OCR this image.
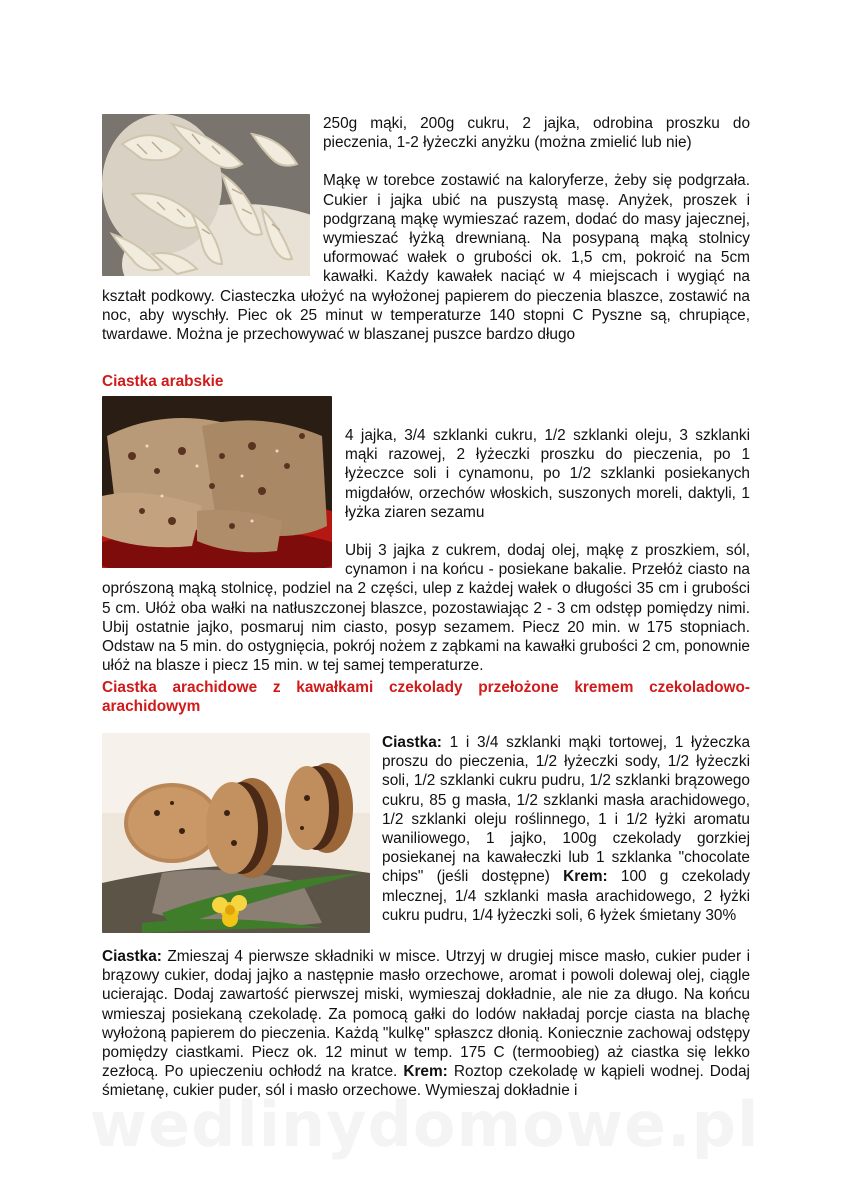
250g mąki, 200g cukru, 2 jajka, odrobina proszku do pieczenia, 1-2 łyżeczki anyżku (można zmielić lub nie)

Mąkę w torebce zostawić na kaloryferze, żeby się podgrzała. Cukier i jajka ubić na puszystą masę. Anyżek, proszek i podgrzaną mąkę wymieszać razem, dodać do masy jajecznej, wymieszać łyżką drewnianą. Na posypaną mąką stolnicy uformować wałek o grubości ok. 1,5 cm, pokroić na 5cm kawałki. Każdy kawałek naciąć w 4 miejscach i wygiąć na kształt podkowy. Ciasteczka ułożyć na wyłożonej papierem do pieczenia blaszce, zostawić na noc, aby wyschły. Piec ok 25 minut w temperaturze 140 stopni C Pyszne są, chrupiące, twardawe. Można je przechowywać w blaszanej puszce bardzo długo

Ciastka arabskie

4 jajka, 3/4 szklanki cukru, 1/2 szklanki oleju, 3 szklanki mąki razowej, 2 łyżeczki proszku do pieczenia, po 1 łyżeczce soli i cynamonu, po 1/2 szklanki posiekanych migdałów, orzechów włoskich, suszonych moreli, daktyli, 1 łyżka ziaren sezamu

Ubij 3 jajka z cukrem, dodaj olej, mąkę z proszkiem, sól, cynamon i na końcu - posiekane bakalie. Przełóż ciasto na oprószoną mąką stolnicę, podziel na 2 części, ulep z każdej wałek o długości 35 cm i grubości 5 cm. Ułóż oba wałki na natłuszczonej blaszce, pozostawiając 2 - 3 cm odstęp pomiędzy nimi. Ubij ostatnie jajko, posmaruj nim ciasto, posyp sezamem. Piecz 20 min. w 175 stopniach. Odstaw na 5 min. do ostygnięcia, pokrój nożem z ząbkami na kawałki grubości 2 cm, ponownie ułóż na blasze i piecz 15 min. w tej samej temperaturze.

Ciastka arachidowe z kawałkami czekolady przełożone kremem czekoladowo-arachidowym

Ciastka: 1 i 3/4 szklanki mąki tortowej, 1 łyżeczka proszu do pieczenia, 1/2 łyżeczki sody, 1/2 łyżeczki soli, 1/2 szklanki cukru pudru, 1/2 szklanki brązowego cukru, 85 g masła, 1/2 szklanki masła arachidowego, 1/2 szklanki oleju roślinnego, 1 i 1/2 łyżki aromatu waniliowego, 1 jajko, 100g czekolady gorzkiej posiekanej na kawałeczki lub 1 szklanka "chocolate chips" (jeśli dostępne) Krem: 100 g czekolady mlecznej, 1/4 szklanki masła arachidowego, 2 łyżki cukru pudru, 1/4 łyżeczki soli, 6 łyżek śmietany 30%

Ciastka: Zmieszaj 4 pierwsze składniki w misce. Utrzyj w drugiej misce masło, cukier puder i brązowy cukier, dodaj jajko a następnie masło orzechowe, aromat i powoli dolewaj olej, ciągle ucierając. Dodaj zawartość pierwszej miski, wymieszaj dokładnie, ale nie za długo. Na końcu wmieszaj posiekaną czekoladę. Za pomocą gałki do lodów nakładaj porcje ciasta na blachę wyłożoną papierem do pieczenia. Każdą "kulkę" spłaszcz dłonią. Koniecznie zachowaj odstępy pomiędzy ciastkami. Piecz ok. 12 minut w temp. 175 C (termoobieg) aż ciastka się lekko zezłocą. Po upieczeniu ochłodź na kratce. Krem: Roztop czekoladę w kąpieli wodnej. Dodaj śmietanę, cukier puder, sól i masło orzechowe. Wymieszaj dokładnie i
